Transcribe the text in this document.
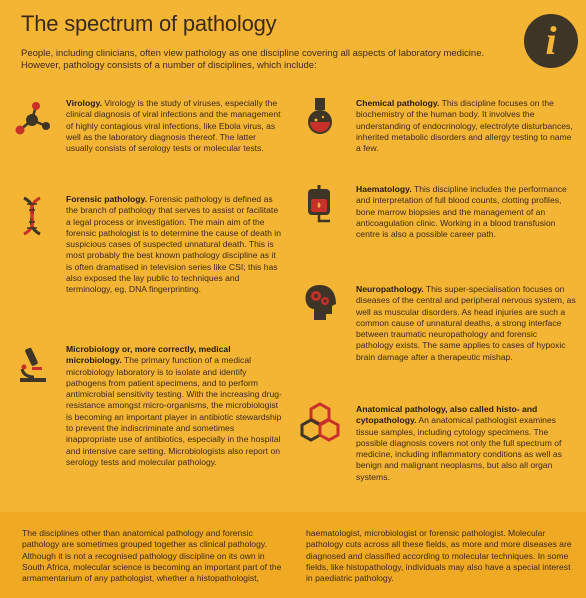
The spectrum of pathology	i
People, including clinicians, often view pathology as one discipline covering all aspects of laboratory medicine. However, pathology consists of a number of disciplines, which include:
Virology. Virology is the study of viruses, especially the clinical diagnosis of viral infections and the management of highly contagious viral infections, like Ebola virus, as well as the laboratory diagnosis thereof. The latter usually consists of serology tests or molecular tests.
Forensic pathology. Forensic pathology is defined as the branch of pathology that serves to assist or facilitate a legal process or investigation. The main aim of the forensic pathologist is to determine the cause of death in suspicious cases of suspected unnatural death. This is most probably the best known pathology discipline as it is often dramatised in television series like CSI; this has also exposed the lay public to techniques and terminology, eg, DNA fingerprinting.
Microbiology or, more correctly, medical microbiology. The primary function of a medical microbiology laboratory is to isolate and identify pathogens from patient specimens, and to perform antimicrobial sensitivity testing. With the increasing drug-resistance amongst micro-organisms, the microbiologist is becoming an important player in antibiotic stewardship to prevent the indiscriminate and sometimes inappropriate use of antibiotics, especially in the hospital and intensive care setting. Microbiologists also report on serology tests and molecular pathology.
Chemical pathology. This discipline focuses on the biochemistry of the human body. It involves the understanding of endocrinology, electrolyte disturbances, inherited metabolic disorders and allergy testing to name a few.
Haematology. This discipline includes the performance and interpretation of full blood counts, clotting profiles, bone marrow biopsies and the management of an anticoagulation clinic. Working in a blood transfusion centre is also a possible career path.
Neuropathology. This super-specialisation focuses on diseases of the central and peripheral nervous system, as well as muscular disorders. As head injuries are such a common cause of unnatural deaths, a strong interface between traumatic neuropathology and forensic pathology exists. The same applies to cases of hypoxic brain damage after a therapeutic mishap.
Anatomical pathology, also called histo- and cytopathology. An anatomical pathologist examines tissue samples, including cytology specimens. The possible diagnosis covers not only the full spectrum of medicine, including inflammatory conditions as well as benign and malignant neoplasms, but also all organ systems.
The disciplines other than anatomical pathology and forensic pathology are sometimes grouped together as clinical pathology. Although it is not a recognised pathology discipline on its own in South Africa, molecular science is becoming an important part of the armamentarium of any pathologist, whether a histopathologist,
haematologist, microbiologist or forensic pathologist. Molecular pathology cuts across all these fields, as more and more diseases are diagnosed and classified according to molecular techniques. In some fields, like histopathology, individuals may also have a special interest in paediatric pathology.
